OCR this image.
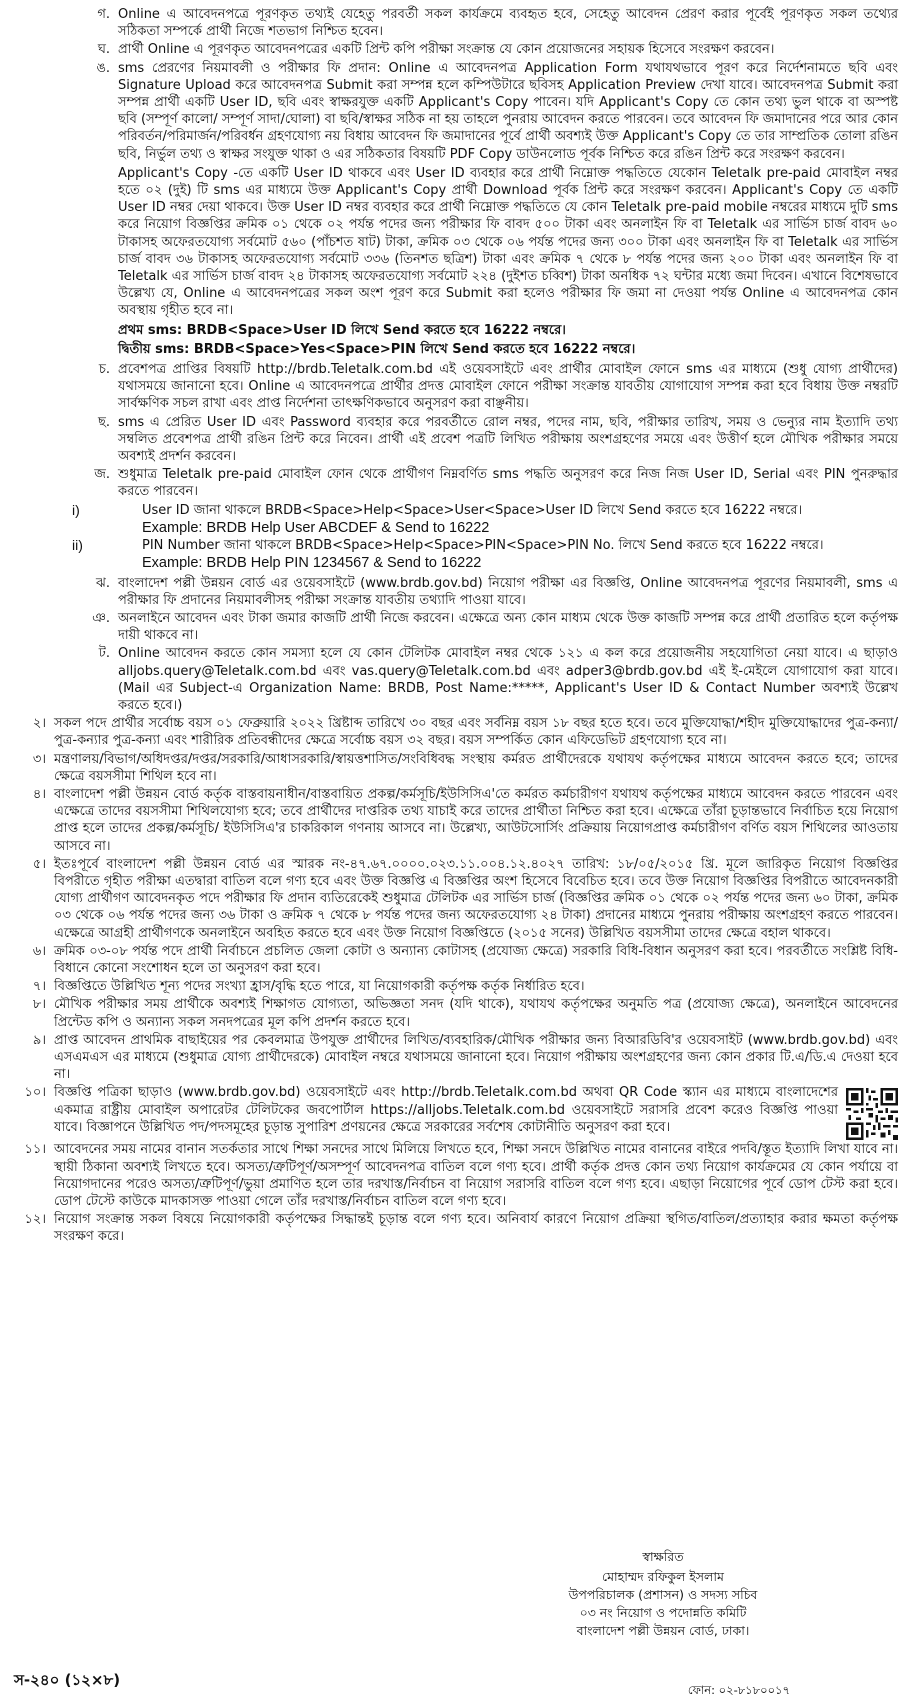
গ. Online এ আবেদনপত্রে পূরণকৃত তথ্যই যেহেতু পরবর্তী সকল কার্যক্রমে ব্যবহৃত হবে, সেহেতু আবেদন প্রেরণ করার পূর্বেই পূরণকৃত সকল তথ্যের সঠিকতা সম্পর্কে প্রার্থী নিজে শতভাগ নিশ্চিত হবেন।
ঘ. প্রার্থী Online এ পূরণকৃত আবেদনপত্রের একটি প্রিন্ট কপি পরীক্ষা সংক্রান্ত যে কোন প্রয়োজনের সহায়ক হিসেবে সংরক্ষণ করবেন।
ঙ. sms প্রেরণের নিয়মাবলী ও পরীক্ষার ফি প্রদান: Online এ আবেদনপত্র Application Form যথাযথভাবে পূরণ করে নির্দেশনামতে ছবি এবং Signature Upload করে আবেদনপত্র Submit করা সম্পন্ন হলে কম্পিউটারে ছবিসহ Application Preview দেখা যাবে। আবেদনপত্র Submit করা সম্পন্ন প্রার্থী একটি User ID, ছবি এবং স্বাক্ষরযুক্ত একটি Applicant's Copy পাবেন। যদি Applicant's Copy তে কোন তথ্য ভুল থাকে বা অস্পষ্ট ছবি (সম্পূর্ণ কালো/ সম্পূর্ণ সাদা/ঘোলা) বা ছবি/স্বাক্ষর সঠিক না হয় তাহলে পুনরায় আবেদন করতে পারবেন। তবে আবেদন ফি জমাদানের পরে আর কোন পরিবর্তন/পরিমার্জন/পরিবর্ধন গ্রহণযোগ্য নয় বিধায় আবেদন ফি জমাদানের পূর্বে প্রার্থী অবশ্যই উক্ত Applicant's Copy তে তার সাম্প্রতিক তোলা রঙিন ছবি, নির্ভুল তথ্য ও স্বাক্ষর সংযুক্ত থাকা ও এর সঠিকতার বিষয়টি PDF Copy ডাউনলোড পূর্বক নিশ্চিত করে রঙিন প্রিন্ট করে সংরক্ষণ করবেন।
Applicant's Copy -তে একটি User ID থাকবে এবং User ID ব্যবহার করে প্রার্থী নিম্নোক্ত পদ্ধতিতে যেকোন Teletalk pre-paid মোবাইল নম্বর হতে ০২ (দুই) টি sms এর মাধ্যমে উক্ত Applicant's Copy প্রার্থী Download পূর্বক প্রিন্ট করে সংরক্ষণ করবেন। Applicant's Copy তে একটি User ID নম্বর দেয়া থাকবে। উক্ত User ID নম্বর ব্যবহার করে প্রার্থী নিম্নোক্ত পদ্ধতিতে যে কোন Teletalk pre-paid mobile নম্বরের মাধ্যমে দুটি sms করে নিয়োগ বিজ্ঞপ্তির ক্রমিক ০১ থেকে ০২ পর্যন্ত পদের জন্য পরীক্ষার ফি বাবদ ৫০০ টাকা এবং অনলাইন ফি বা Teletalk এর সার্ভিস চার্জ বাবদ ৬০ টাকাসহ অফেরতযোগ্য সর্বমোট ৫৬০ (পাঁচশত ষাট) টাকা, ক্রমিক ০৩ থেকে ০৬ পর্যন্ত পদের জন্য ৩০০ টাকা এবং অনলাইন ফি বা Teletalk এর সার্ভিস চার্জ বাবদ ৩৬ টাকাসহ অফেরতযোগ্য সর্বমোট ৩৩৬ (তিনশত ছত্রিশ) টাকা এবং ক্রমিক ৭ থেকে ৮ পর্যন্ত পদের জন্য ২০০ টাকা এবং অনলাইন ফি বা Teletalk এর সার্ভিস চার্জ বাবদ ২৪ টাকাসহ অফেরতযোগ্য সর্বমোট ২২৪ (দুইশত চব্বিশ) টাকা অনধিক ৭২ ঘন্টার মধ্যে জমা দিবেন। এখানে বিশেষভাবে উল্লেখ্য যে, Online এ আবেদনপত্রের সকল অংশ পূরণ করে Submit করা হলেও পরীক্ষার ফি জমা না দেওয়া পর্যন্ত Online এ আবেদনপত্র কোন অবস্থায় গৃহীত হবে না।
প্রথম sms: BRDB<Space>User ID লিখে Send করতে হবে 16222 নম্বরে।
দ্বিতীয় sms: BRDB<Space>Yes<Space>PIN লিখে Send করতে হবে 16222 নম্বরে।
চ. প্রবেশপত্র প্রাপ্তির বিষয়টি http://brdb.Teletalk.com.bd এই ওয়েবসাইটে এবং প্রার্থীর মোবাইল ফোনে sms এর মাধ্যমে (শুধু যোগ্য প্রার্থীদের) যথাসময়ে জানানো হবে। Online এ আবেদনপত্রে প্রার্থীর প্রদত্ত মোবাইল ফোনে পরীক্ষা সংক্রান্ত যাবতীয় যোগাযোগ সম্পন্ন করা হবে বিধায় উক্ত নম্বরটি সার্বক্ষণিক সচল রাখা এবং প্রাপ্ত নির্দেশনা তাৎক্ষণিকভাবে অনুসরণ করা বাঞ্ছনীয়।
ছ. sms এ প্রেরিত User ID এবং Password ব্যবহার করে পরবর্তীতে রোল নম্বর, পদের নাম, ছবি, পরীক্ষার তারিখ, সময় ও ভেন্যুর নাম ইত্যাদি তথ্য সম্বলিত প্রবেশপত্র প্রার্থী রঙিন প্রিন্ট করে নিবেন। প্রার্থী এই প্রবেশ পত্রটি লিখিত পরীক্ষায় অংশগ্রহণের সময়ে এবং উত্তীর্ণ হলে মৌখিক পরীক্ষার সময়ে অবশ্যই প্রদর্শন করবেন।
জ. শুধুমাত্র Teletalk pre-paid মোবাইল ফোন থেকে প্রার্থীগণ নিম্নবর্ণিত sms পদ্ধতি অনুসরণ করে নিজ নিজ User ID, Serial এবং PIN পুনরুদ্ধার করতে পারবেন।
i)	User ID জানা থাকলে BRDB<Space>Help<Space>User<Space>User ID লিখে Send করতে হবে 16222 নম্বরে।
Example: BRDB Help User ABCDEF & Send to 16222
ii)	PIN Number জানা থাকলে BRDB<Space>Help<Space>PIN<Space>PIN No. লিখে Send করতে হবে 16222 নম্বরে।
Example: BRDB Help PIN 1234567 & Send to 16222
ঝ. বাংলাদেশ পল্লী উন্নয়ন বোর্ড এর ওয়েবসাইটে (www.brdb.gov.bd) নিয়োগ পরীক্ষা এর বিজ্ঞপ্তি, Online আবেদনপত্র পূরণের নিয়মাবলী, sms এ পরীক্ষার ফি প্রদানের নিয়মাবলীসহ পরীক্ষা সংক্রান্ত যাবতীয় তথ্যাদি পাওয়া যাবে।
ঞ. অনলাইনে আবেদন এবং টাকা জমার কাজটি প্রার্থী নিজে করবেন। এক্ষেত্রে অন্য কোন মাধ্যম থেকে উক্ত কাজটি সম্পন্ন করে প্রার্থী প্রতারিত হলে কর্তৃপক্ষ দায়ী থাকবে না।
ট. Online আবেদন করতে কোন সমস্যা হলে যে কোন টেলিটক মোবাইল নম্বর থেকে ১২১ এ কল করে প্রয়োজনীয় সহযোগিতা নেয়া যাবে। এ ছাড়াও alljobs.query@Teletalk.com.bd এবং vas.query@Teletalk.com.bd এবং adper3@brdb.gov.bd এই ই-মেইলে যোগাযোগ করা যাবে। (Mail এর Subject-এ Organization Name: BRDB, Post Name:*****, Applicant's User ID & Contact Number অবশ্যই উল্লেখ করতে হবে।)
২। সকল পদে প্রার্থীর সর্বোচ্চ বয়স ০১ ফেব্রুয়ারি ২০২২ খ্রিষ্টাব্দ তারিখে ৩০ বছর এবং সর্বনিম্ন বয়স ১৮ বছর হতে হবে। তবে মুক্তিযোদ্ধা/শহীদ মুক্তিযোদ্ধাদের পুত্র-কন্যা/পুত্র-কন্যার পুত্র-কন্যা এবং শারীরিক প্রতিবন্ধীদের ক্ষেত্রে সর্বোচ্চ বয়স ৩২ বছর। বয়স সম্পর্কিত কোন এফিডেভিট গ্রহণযোগ্য হবে না।
৩। মন্ত্রণালয়/বিভাগ/অধিদপ্তর/দপ্তর/সরকারি/আধাসরকারি/স্বায়ত্তশাসিত/সংবিধিবদ্ধ সংস্থায় কর্মরত প্রার্থীদেরকে যথাযথ কর্তৃপক্ষের মাধ্যমে আবেদন করতে হবে; তাদের ক্ষেত্রে বয়সসীমা শিথিল হবে না।
৪। বাংলাদেশ পল্লী উন্নয়ন বোর্ড কর্তৃক বাস্তবায়নাধীন/বাস্তবায়িত প্রকল্প/কর্মসূচি/ইউসিসিএ'তে কর্মরত কর্মচারীগণ যথাযথ কর্তৃপক্ষের মাধ্যমে আবেদন করতে পারবেন এবং এক্ষেত্রে তাদের বয়সসীমা শিথিলযোগ্য হবে; তবে প্রার্থীদের দাপ্তরিক তথ্য যাচাই করে তাদের প্রার্থীতা নিশ্চিত করা হবে। এক্ষেত্রে তাঁরা চূড়ান্তভাবে নির্বাচিত হয়ে নিয়োগ প্রাপ্ত হলে তাদের প্রকল্প/কর্মসূচি/ ইউসিসিএ'র চাকরিকাল গণনায় আসবে না। উল্লেখ্য, আউটসোর্সিং প্রক্রিয়ায় নিয়োগপ্রাপ্ত কর্মচারীগণ বর্ণিত বয়স শিথিলের আওতায় আসবে না।
৫। ইতঃপূর্বে বাংলাদেশ পল্লী উন্নয়ন বোর্ড এর স্মারক নং-৪৭.৬৭.০০০০.০২৩.১১.০০৪.১২.৪০২৭ তারিখ: ১৮/০৫/২০১৫ খ্রি. মূলে জারিকৃত নিয়োগ বিজ্ঞপ্তির বিপরীতে গৃহীত পরীক্ষা এতদ্বারা বাতিল বলে গণ্য হবে এবং উক্ত বিজ্ঞপ্তি এ বিজ্ঞপ্তির অংশ হিসেবে বিবেচিত হবে। তবে উক্ত নিয়োগ বিজ্ঞপ্তির বিপরীতে আবেদনকারী যোগ্য প্রার্থীগণ আবেদনকৃত পদে পরীক্ষার ফি প্রদান ব্যতিরেকেই শুধুমাত্র টেলিটক এর সার্ভিস চার্জ (বিজ্ঞপ্তির ক্রমিক ০১ থেকে ০২ পর্যন্ত পদের জন্য ৬০ টাকা, ক্রমিক ০৩ থেকে ০৬ পর্যন্ত পদের জন্য ৩৬ টাকা ও ক্রমিক ৭ থেকে ৮ পর্যন্ত পদের জন্য অফেরতযোগ্য ২৪ টাকা) প্রদানের মাধ্যমে পুনরায় পরীক্ষায় অংশগ্রহণ করতে পারবেন। এক্ষেত্রে আগ্রহী প্রার্থীগণকে অনলাইনে অবহিত করতে হবে এবং উক্ত নিয়োগ বিজ্ঞপ্তিতে (২০১৫ সনের) উল্লিখিত বয়সসীমা তাদের ক্ষেত্রে বহাল থাকবে।
৬। ক্রমিক ০৩-০৮ পর্যন্ত পদে প্রার্থী নির্বাচনে প্রচলিত জেলা কোটা ও অন্যান্য কোটাসহ (প্রযোজ্য ক্ষেত্রে) সরকারি বিধি-বিধান অনুসরণ করা হবে। পরবর্তীতে সংশ্লিষ্ট বিধি-বিধানে কোনো সংশোধন হলে তা অনুসরণ করা হবে।
৭। বিজ্ঞপ্তিতে উল্লিখিত শূন্য পদের সংখ্যা হ্রাস/বৃদ্ধি হতে পারে, যা নিয়োগকারী কর্তৃপক্ষ কর্তৃক নির্ধারিত হবে।
৮। মৌখিক পরীক্ষার সময় প্রার্থীকে অবশ্যই শিক্ষাগত যোগ্যতা, অভিজ্ঞতা সনদ (যদি থাকে), যথাযথ কর্তৃপক্ষের অনুমতি পত্র (প্রযোজ্য ক্ষেত্রে), অনলাইনে আবেদনের প্রিন্টেড কপি ও অন্যান্য সকল সনদপত্রের মূল কপি প্রদর্শন করতে হবে।
৯। প্রাপ্ত আবেদন প্রাথমিক বাছাইয়ের পর কেবলমাত্র উপযুক্ত প্রার্থীদের লিখিত/ব্যবহারিক/মৌখিক পরীক্ষার জন্য বিআরডিবি'র ওয়েবসাইট (www.brdb.gov.bd) এবং এসএমএস এর মাধ্যমে (শুধুমাত্র যোগ্য প্রার্থীদেরকে) মোবাইল নম্বরে যথাসময়ে জানানো হবে। নিয়োগ পরীক্ষায় অংশগ্রহণের জন্য কোন প্রকার টি.এ/ডি.এ দেওয়া হবে না।
১০। বিজ্ঞপ্তি পত্রিকা ছাড়াও (www.brdb.gov.bd) ওয়েবসাইটে এবং http://brdb.Teletalk.com.bd অথবা QR Code স্ক্যান এর মাধ্যমে বাংলাদেশের একমাত্র রাষ্ট্রীয় মোবাইল অপারেটর টেলিটকের জবপোর্টাল https://alljobs.Teletalk.com.bd ওয়েবসাইটে সরাসরি প্রবেশ করেও বিজ্ঞপ্তি পাওয়া যাবে। বিজ্ঞাপনে উল্লিখিত পদ/পদসমূহের চূড়ান্ত সুপারিশ প্রণয়নের ক্ষেত্রে সরকারের সর্বশেষ কোটানীতি অনুসরণ করা হবে।
১১। আবেদনের সময় নামের বানান সতর্কতার সাথে শিক্ষা সনদের সাথে মিলিয়ে লিখতে হবে, শিক্ষা সনদে উল্লিখিত নামের বানানের বাইরে পদবি/স্তূত ইত্যাদি লিখা যাবে না। স্থায়ী ঠিকানা অবশ্যই লিখতে হবে। অসত্য/ত্রুটিপূর্ণ/অসম্পূর্ণ আবেদনপত্র বাতিল বলে গণ্য হবে। প্রার্থী কর্তৃক প্রদত্ত কোন তথ্য নিয়োগ কার্যক্রমের যে কোন পর্যায়ে বা নিয়োগদানের পরেও অসত্য/ত্রুটিপূর্ণ/ভুয়া প্রমাণিত হলে তার দরখাস্ত/নির্বাচন বা নিয়োগ সরাসরি বাতিল বলে গণ্য হবে। এছাড়া নিয়োগের পূর্বে ডোপ টেস্ট করা হবে। ডোপ টেস্টে কাউকে মাদকাসক্ত পাওয়া গেলে তাঁর দরখাস্ত/নির্বাচন বাতিল বলে গণ্য হবে।
১২। নিয়োগ সংক্রান্ত সকল বিষয়ে নিয়োগকারী কর্তৃপক্ষের সিদ্ধান্তই চূড়ান্ত বলে গণ্য হবে। অনিবার্য কারণে নিয়োগ প্রক্রিয়া স্থগিত/বাতিল/প্রত্যাহার করার ক্ষমতা কর্তৃপক্ষ সংরক্ষণ করে।
স্বাক্ষরিত
মোহাম্মদ রফিকুল ইসলাম
উপপরিচালক (প্রশাসন) ও সদস্য সচিব
০৩ নং নিয়োগ ও পদোন্নতি কমিটি
বাংলাদেশ পল্লী উন্নয়ন বোর্ড, ঢাকা।
ফোন: ০২-৮১৮০০১৭
স-২৪০ (১২×৮)
